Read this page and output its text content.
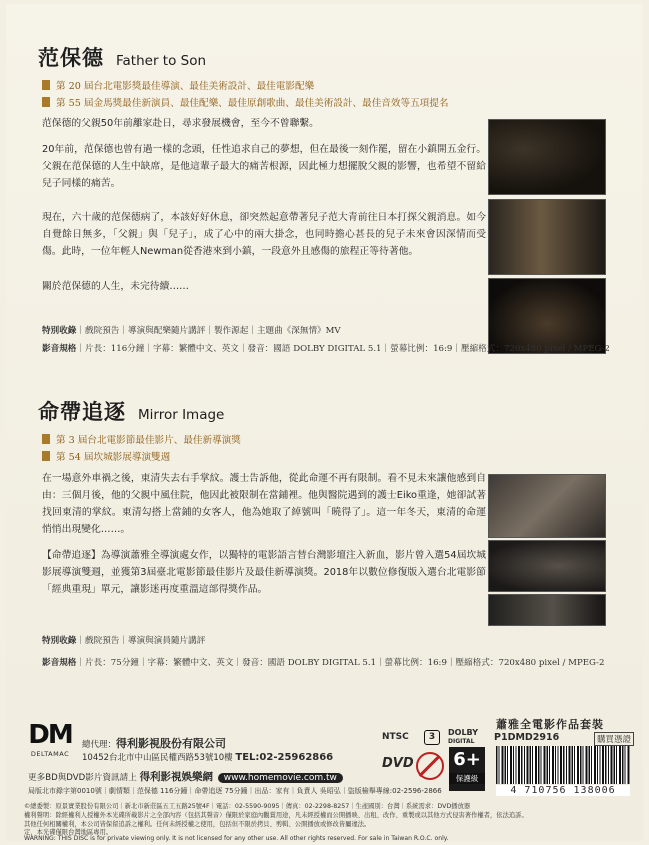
范保德 Father to Son
第 20 屆台北電影獎最佳導演、最佳美術設計、最佳電影配樂
第 55 屆金馬獎最佳新演員、最佳配樂、最佳原創歌曲、最佳美術設計、最佳音效等五項提名

范保德的父親50年前離家赴日，尋求發展機會，至今不曾聯繫。

20年前，范保德也曾有過一樣的念頭，任性追求自己的夢想，但在最後一刻作罷，留在小鎮開五金行。父親在范保德的人生中缺席，是他這輩子最大的痛苦根源，因此極力想擺脫父親的影響，也希望不留給兒子同樣的痛苦。

現在，六十歲的范保德病了，本該好好休息，卻突然起意帶著兒子范大青前往日本打探父親消息。如今自覺餘日無多，「父親」與「兒子」，成了心中的兩大掛念，也同時擔心甚長的兒子未來會因深情而受傷。此時，一位年輕人Newman從香港來到小鎮，一段意外且感傷的旅程正等待著他。

關於范保德的人生，未完待續……

特別收錄｜戲院預告｜導演與配樂隨片講評｜製作源起｜主題曲《深無情》MV
影音規格｜片長：116分鐘｜字幕：繁體中文、英文｜發音：國語 DOLBY DIGITAL 5.1｜螢幕比例：16:9｜壓縮格式：720x480 pixel / MPEG-2
命帶追逐 Mirror Image
第 3 屆台北電影節最佳影片、最佳新導演獎
第 54 屆坎城影展導演雙週

在一場意外車禍之後，東清失去右手掌紋。護士告訴他，從此命運不再有限制。看不見未來讓他感到自由：三個月後，他的父親中風住院，他因此被限制在當鋪裡。他與醫院遇到的護士Eiko重逢，她卻試著找回東清的掌紋。東清勾搭上當鋪的女客人，他為她取了綽號叫「曉得了」。這一年冬天，東清的命運悄悄出現變化……。

【命帶追逐】為導演蕭雅全導演處女作，以獨特的電影語言替台灣影壇注入新血，影片曾入選54屆坎城影展導演雙週，並獲第3屆臺北電影節最佳影片及最佳新導演獎。2018年以數位修復版入選台北電影節「經典重現」單元，讓影迷再度重溫這部得獎作品。

特別收錄｜戲院預告｜導演與演員隨片講評
影音規格｜片長：75分鐘｜字幕：繁體中文、英文｜發音：國語 DOLBY DIGITAL 5.1｜螢幕比例：16:9｜壓縮格式：720x480 pixel / MPEG-2
DM
DELTAMAC
總代理：得利影視股份有限公司
10452台北市中山區民權西路53號10樓 TEL:02-25962866
更多BD與DVD影片資訊請上 得利影視娛樂網 www.homemovie.com.tw
局版北市錄字第0010號｜劇情類｜范保德 116分鐘｜命帶追逐 75分鐘｜出品：家有｜負責人 吳昭弘｜盜版檢舉專線:02-2596-2866
©總委製：原景實業股份有限公司｜新北市新莊區五工五路25號4F｜電話：02-5590-9095｜傳真：02-2298-8257｜生產國別：台灣｜系統需求：DVD播放器
權利聲明：除經權利人授權外本光碟所載影片之全部內容（包括其聲音）僅限於家庭內觀賞用途，凡未經授權而公開播映、出租、改作、重製或以其他方式侵害著作權者，依法追訴。
其他任何相關權利，本公司皆保留追訴之權利。任何未經授權之使用，包括但不限於拷貝、剪輯、公開播放或修改皆屬違法。
定，本光碟僅限台灣地區專用。
WARNING: THIS DISC is for private viewing only. It is not licensed for any other use. All other rights reserved. For sale in Taiwan R.O.C. only.
NTSC	3	DOLBY
DIGITAL
DVD 6+
保護級
蕭雅全電影作品套裝
P1DMD2916	購買憑證
4 710756 138006
